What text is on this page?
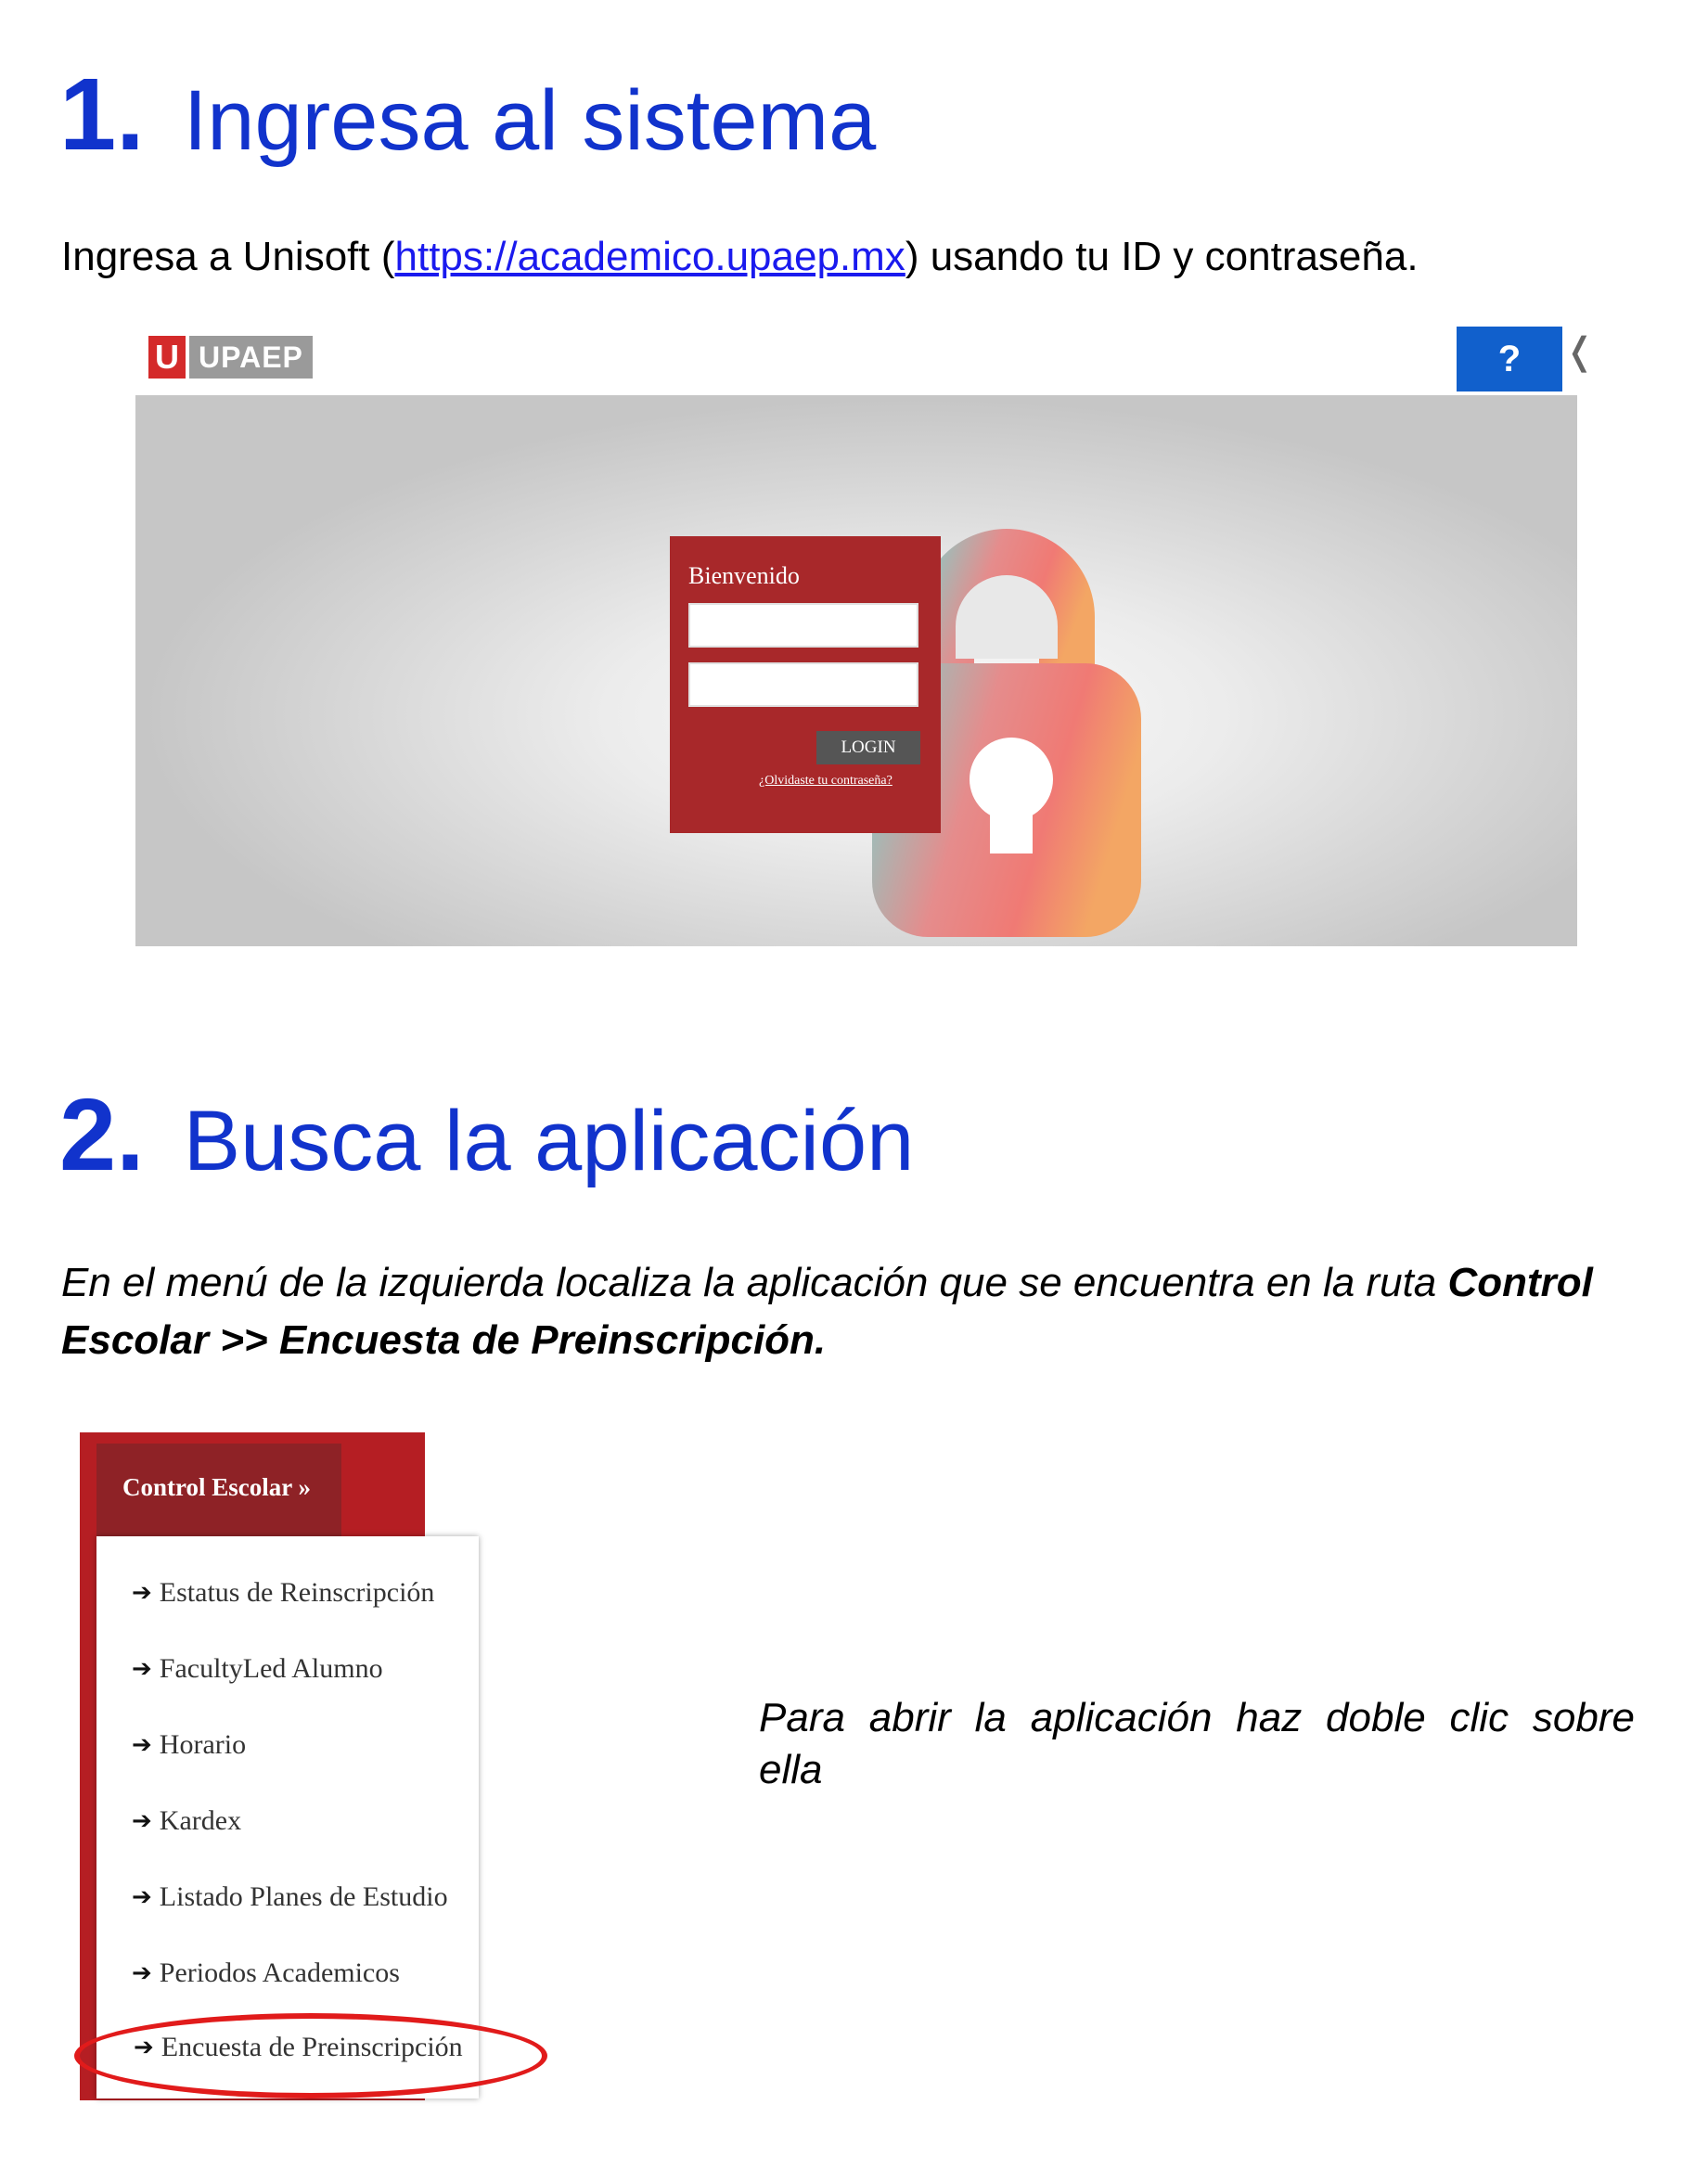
1. Ingresa al sistema
Ingresa a Unisoft (https://academico.upaep.mx) usando tu ID y contraseña.
U UPAEP	?	❬
Bienvenido
LOGIN
¿Olvidaste tu contraseña?
2. Busca la aplicación
En el menú de la izquierda localiza la aplicación que se encuentra en la ruta Control Escolar >> Encuesta de Preinscripción.
Control Escolar »
➔ Estatus de Reinscripción
➔ FacultyLed Alumno
➔ Horario
➔ Kardex
➔ Listado Planes de Estudio
➔ Periodos Academicos
➔ Encuesta de Preinscripción
Para abrir la aplicación haz doble clic sobre
ella
